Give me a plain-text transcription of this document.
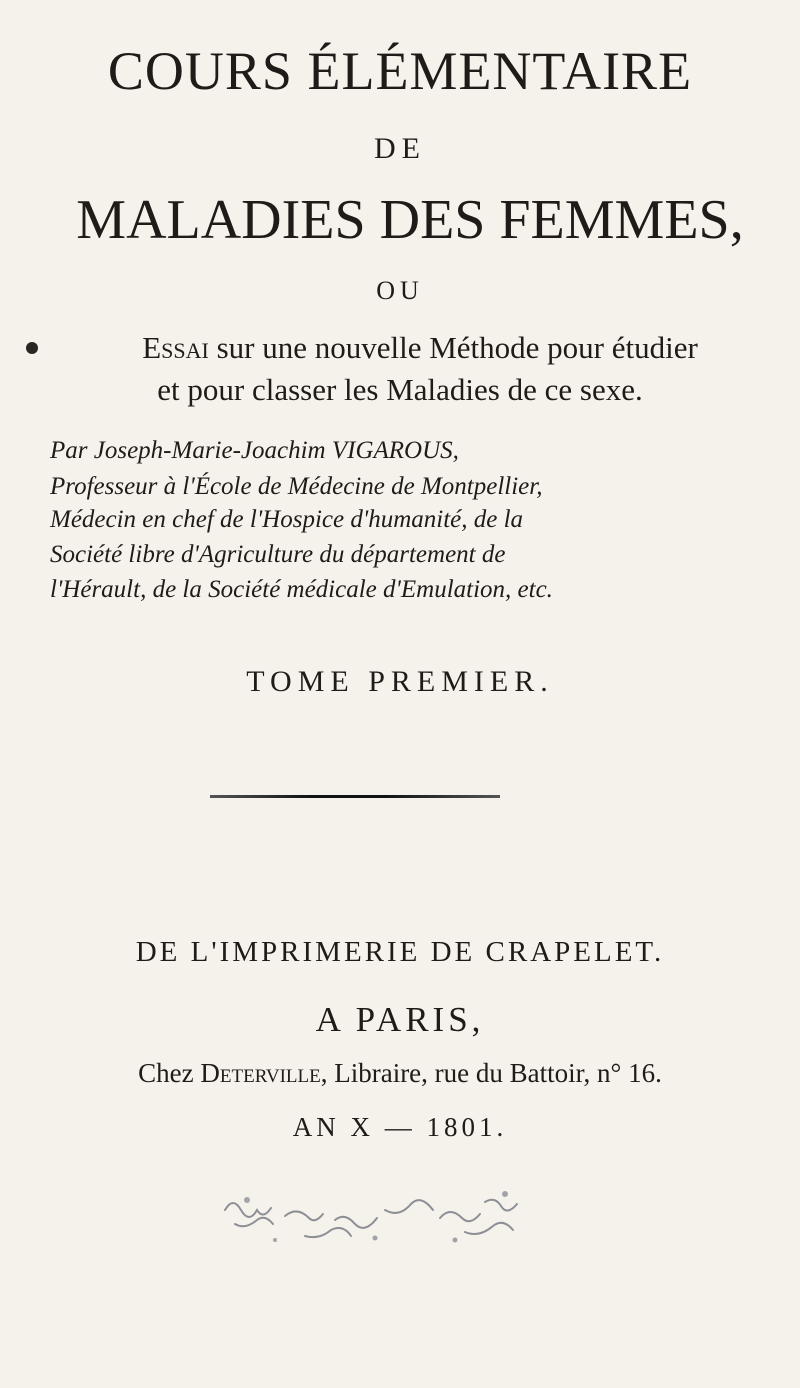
COURS ÉLÉMENTAIRE
DE
MALADIES DES FEMMES,
OU
Essai sur une nouvelle Méthode pour étudier
et pour classer les Maladies de ce sexe.
Par Joseph-Marie-Joachim VIGAROUS,
Professeur à l'École de Médecine de Montpellier,
Médecin en chef de l'Hospice d'humanité, de la
Société libre d'Agriculture du département de
l'Hérault, de la Société médicale d'Emulation, etc.
TOME PREMIER.
DE L'IMPRIMERIE DE CRAPELET.
A PARIS,
Chez Deterville, Libraire, rue du Battoir, n° 16.
AN X — 1801.
